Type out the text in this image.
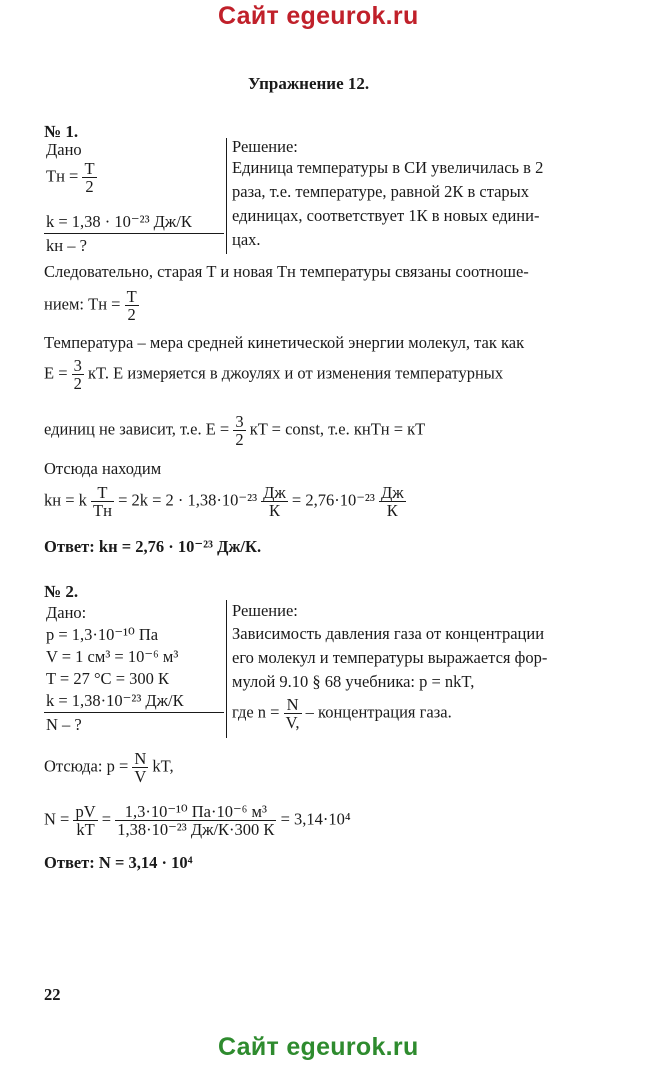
Сайт egeurok.ru
Сайт egeurok.ru
Упражнение 12.
№ 1.
Дано
Tн = $\frac{T}{2}$
k = 1,38 · 10⁻²³ Дж/К
kн – ?
Решение:
Единица температуры в СИ увеличилась в 2
раза, т.е. температуре, равной 2К в старых
единицах, соответствует 1К в новых едини-
цах.
Следовательно, старая T и новая Tн температуры связаны соотноше-
нием: Tн = $\frac{T}{2}$
Температура – мера средней кинетической энергии молекул, так как
$E = \frac{3}{2}$ кT. E измеряется в джоулях и от изменения температурных
единиц не зависит, т.е. $E = \frac{3}{2}$ кT = const, т.е. кнTн = кT
Отсюда находим
kн = k $\frac{T}{Tн} = 2k = 2 \cdot 1,38\cdot 10^{-23} \frac{Дж}{К} = 2,76\cdot 10^{-23} \frac{Дж}{К}$
Ответ: kн = 2,76 · 10⁻²³ Дж/К.
№ 2.
Дано:
p = 1,3·10⁻¹⁰ Па
V = 1 см³ = 10⁻⁶ м³
T = 27 °C = 300 К
k = 1,38·10⁻²³ Дж/К
N – ?
Решение:
Зависимость давления газа от концентрации
его молекул и температуры выражается фор-
мулой 9.10 § 68 учебника: p = nkT,
где $n = \frac{N}{V,}$ – концентрация газа.
Отсюда: $p = \frac{N}{V}$ kT,
$N = \frac{pV}{kT} = \frac{\text{1,3·10⁻¹⁰ Па·10⁻⁶ м³}}{\text{1,38·10⁻²³ Дж/К·300 К}} = 3,14\cdot 10^4$
Ответ: N = 3,14 · 10⁴
22
